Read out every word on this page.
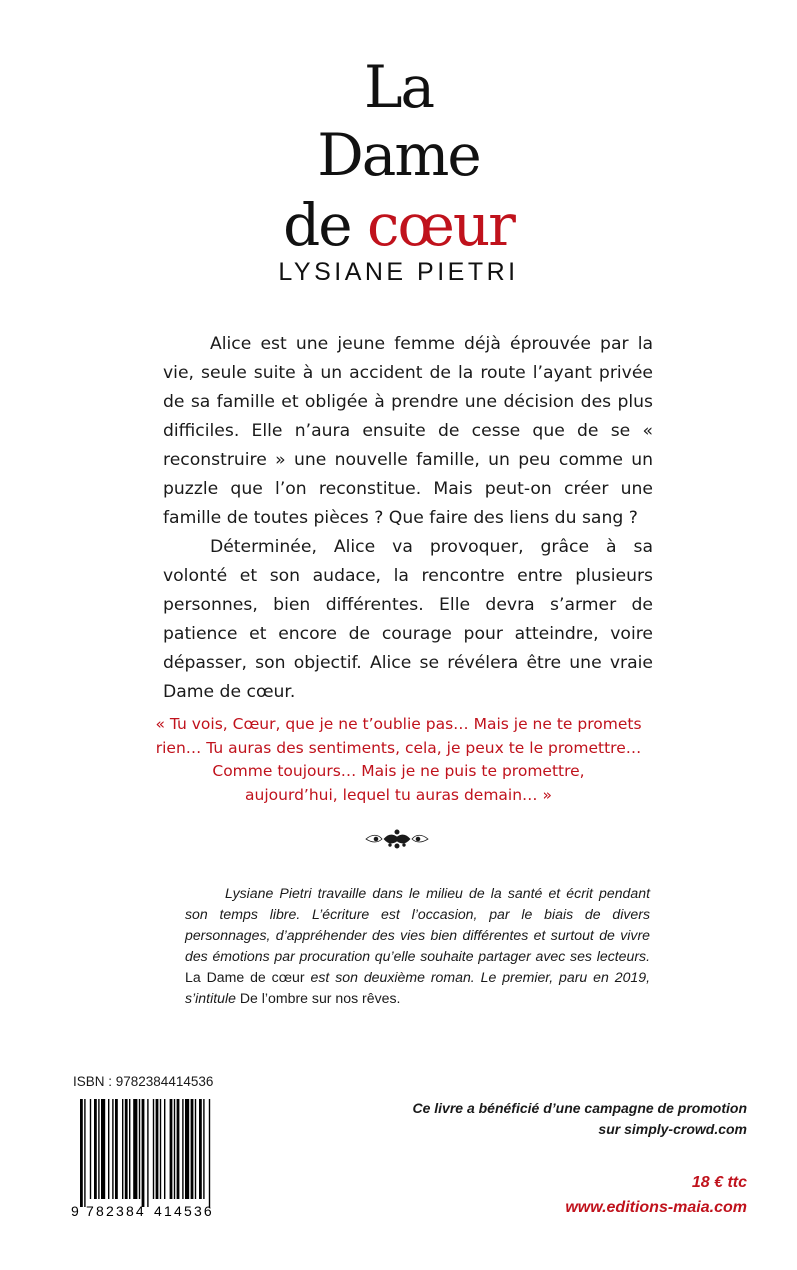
La
Dame
de cœur
LYSIANE PIETRI

Alice est une jeune femme déjà éprouvée par la vie, seule suite à un accident de la route l’ayant privée de sa famille et obligée à prendre une décision des plus difficiles. Elle n’aura ensuite de cesse que de se « reconstruire » une nouvelle famille, un peu comme un puzzle que l’on reconstitue. Mais peut-on créer une famille de toutes pièces ? Que faire des liens du sang ?

Déterminée, Alice va provoquer, grâce à sa volonté et son audace, la rencontre entre plusieurs personnes, bien différentes. Elle devra s’armer de patience et encore de courage pour atteindre, voire dépasser, son objectif. Alice se révélera être une vraie Dame de cœur.

« Tu vois, Cœur, que je ne t’oublie pas… Mais je ne te promets
rien… Tu auras des sentiments, cela, je peux te le promettre…
Comme toujours… Mais je ne puis te promettre,
aujourd’hui, lequel tu auras demain… »

Lysiane Pietri travaille dans le milieu de la santé et écrit pendant son temps libre. L’écriture est l’occasion, par le biais de divers personnages, d’appréhender des vies bien différentes et surtout de vivre des émotions par procuration qu’elle souhaite partager avec ses lecteurs. La Dame de cœur est son deuxième roman. Le premier, paru en 2019, s’intitule De l’ombre sur nos rêves.

ISBN : 9782384414536
9 782384 414536
Ce livre a bénéficié d’une campagne de promotion
sur simply-crowd.com
18 € ttc
www.editions-maia.com
